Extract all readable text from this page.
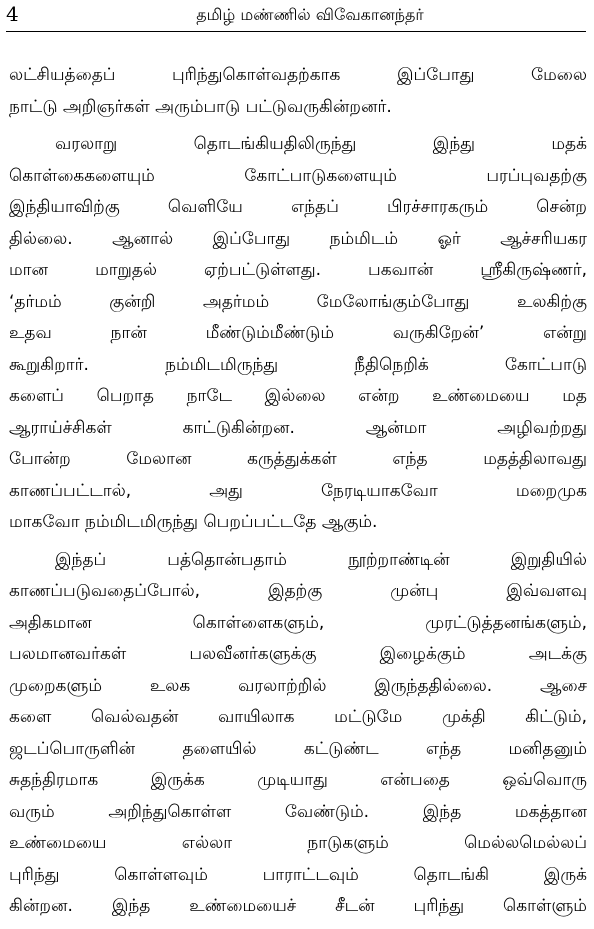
4	தமிழ் மண்ணில் விவேகானந்தர்
லட்சியத்தைப் புரிந்துகொள்வதற்காக இப்போது மேலை
நாட்டு அறிஞர்கள் அரும்பாடு பட்டுவருகின்றனர்.
வரலாறு தொடங்கியதிலிருந்து இந்து மதக்
கொள்கைகளையும் கோட்பாடுகளையும் பரப்புவதற்கு
இந்தியாவிற்கு வெளியே எந்தப் பிரச்சாரகரும் சென்ற
தில்லை. ஆனால் இப்போது நம்மிடம் ஓர் ஆச்சரியகர
மான மாறுதல் ஏற்பட்டுள்ளது. பகவான் ஸ்ரீகிருஷ்ணர்,
‘தர்மம் குன்றி அதர்மம் மேலோங்கும்போது உலகிற்கு
உதவ நான் மீண்டும்மீண்டும் வருகிறேன்’ என்று
கூறுகிறார். நம்மிடமிருந்து நீதிநெறிக் கோட்பாடு
களைப் பெறாத நாடே இல்லை என்ற உண்மையை மத
ஆராய்ச்சிகள் காட்டுகின்றன. ஆன்மா அழிவற்றது
போன்ற மேலான கருத்துக்கள் எந்த மதத்திலாவது
காணப்பட்டால், அது நேரடியாகவோ மறைமுக
மாகவோ நம்மிடமிருந்து பெறப்பட்டதே ஆகும்.
இந்தப் பத்தொன்பதாம் நூற்றாண்டின் இறுதியில்
காணப்படுவதைப்போல், இதற்கு முன்பு இவ்வளவு
அதிகமான கொள்ளைகளும், முரட்டுத்தனங்களும்,
பலமானவர்கள் பலவீனர்களுக்கு இழைக்கும் அடக்கு
முறைகளும் உலக வரலாற்றில் இருந்ததில்லை. ஆசை
களை வெல்வதன் வாயிலாக மட்டுமே முக்தி கிட்டும்,
ஜடப்பொருளின் தளையில் கட்டுண்ட எந்த மனிதனும்
சுதந்திரமாக இருக்க முடியாது என்பதை ஒவ்வொரு
வரும் அறிந்துகொள்ள வேண்டும். இந்த மகத்தான
உண்மையை எல்லா நாடுகளும் மெல்லமெல்லப்
புரிந்து கொள்ளவும் பாராட்டவும் தொடங்கி இருக்
கின்றன. இந்த உண்மையைச் சீடன் புரிந்து கொள்ளும்
